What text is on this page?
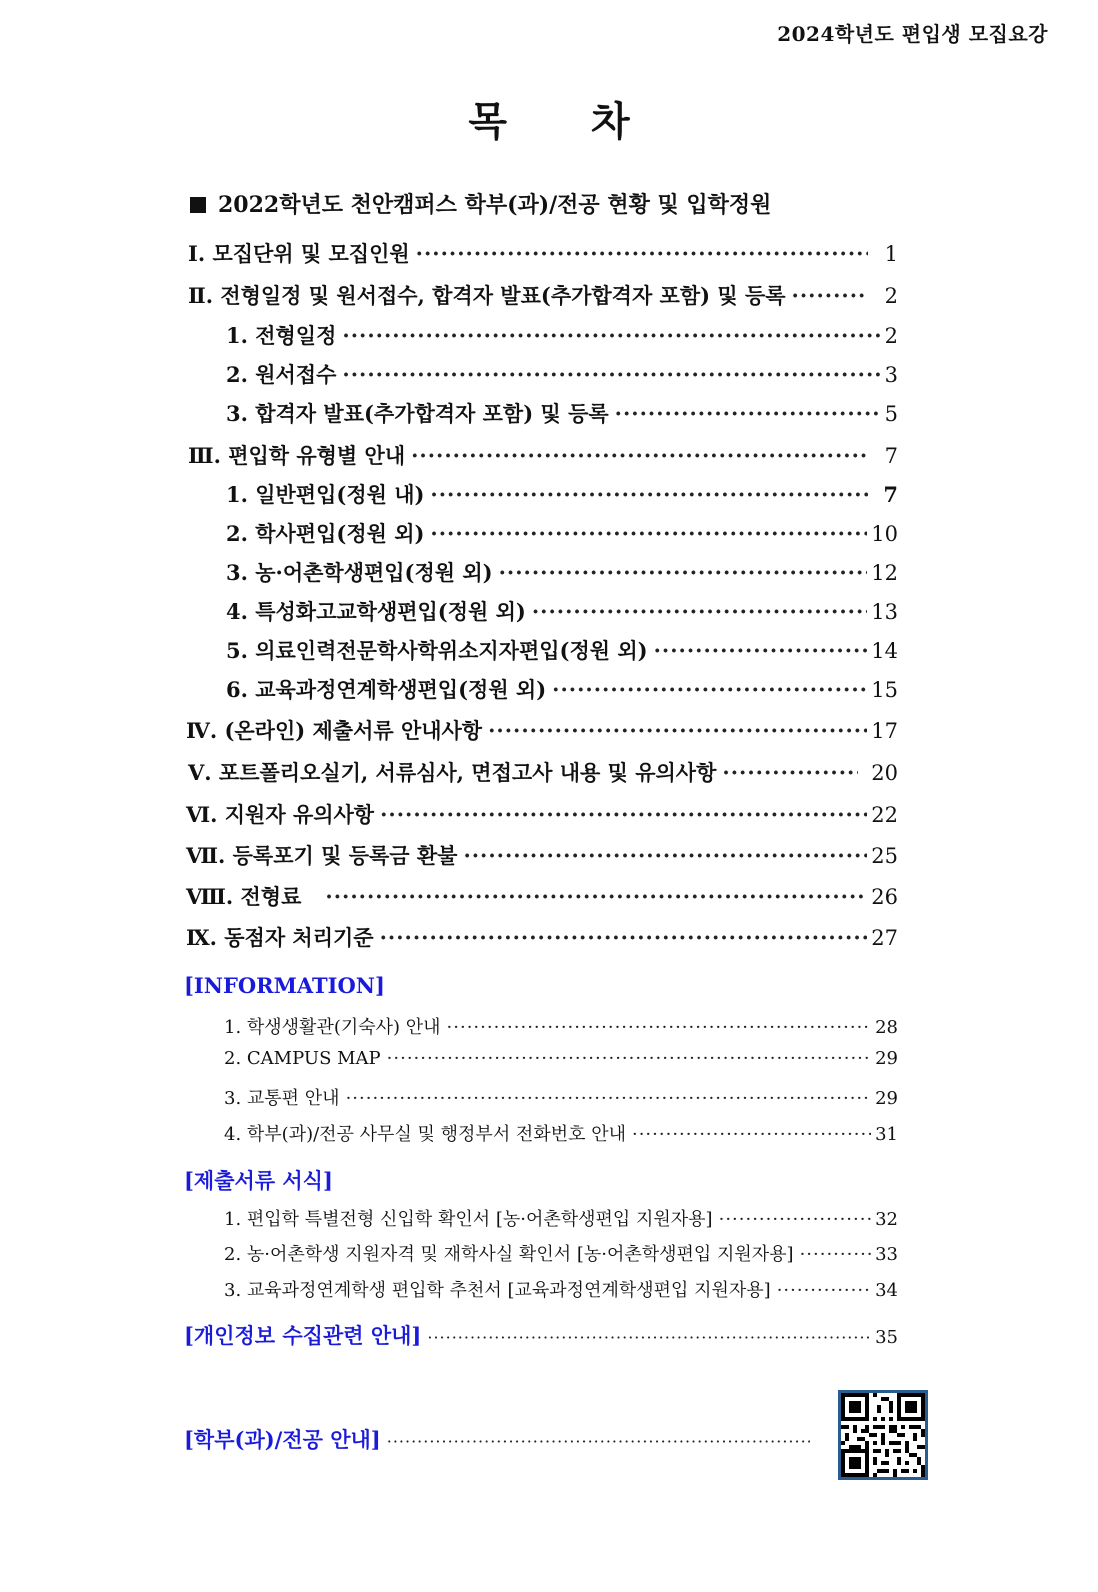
2024학년도 편입생 모집요강
목 차
2022학년도 천안캠퍼스 학부(과)/전공 현황 및 입학정원
Ⅰ. 모집단위 및 모집인원 ·····	1
Ⅱ. 전형일정 및 원서접수, 합격자 발표(추가합격자 포함) 및 등록 ·····	2
1. 전형일정 ·····	2
2. 원서접수 ·····	3
3. 합격자 발표(추가합격자 포함) 및 등록 ·····	5
Ⅲ. 편입학 유형별 안내 ·····	7
1. 일반편입(정원 내) ·····	7
2. 학사편입(정원 외) ·····	10
3. 농·어촌학생편입(정원 외) ·····	12
4. 특성화고교학생편입(정원 외) ·····	13
5. 의료인력전문학사학위소지자편입(정원 외) ·····	14
6. 교육과정연계학생편입(정원 외) ·····	15
Ⅳ. (온라인) 제출서류 안내사항 ·····	17
Ⅴ. 포트폴리오실기, 서류심사, 면접고사 내용 및 유의사항 ·····	20
Ⅵ. 지원자 유의사항 ·····	22
Ⅶ. 등록포기 및 등록금 환불 ·····	25
Ⅷ. 전형료 ·····	26
Ⅸ. 동점자 처리기준 ·····	27
[INFORMATION]
1. 학생생활관(기숙사) 안내 ·····	28
2. CAMPUS MAP ·····	29
3. 교통편 안내 ·····	29
4. 학부(과)/전공 사무실 및 행정부서 전화번호 안내 ·····	31
[제출서류 서식]
1. 편입학 특별전형 신입학 확인서 [농·어촌학생편입 지원자용] ·····	32
2. 농·어촌학생 지원자격 및 재학사실 확인서 [농·어촌학생편입 지원자용] ·····	33
3. 교육과정연계학생 편입학 추천서 [교육과정연계학생편입 지원자용] ·····	34
[개인정보 수집관련 안내] ·····	35
[학부(과)/전공 안내]
·····
